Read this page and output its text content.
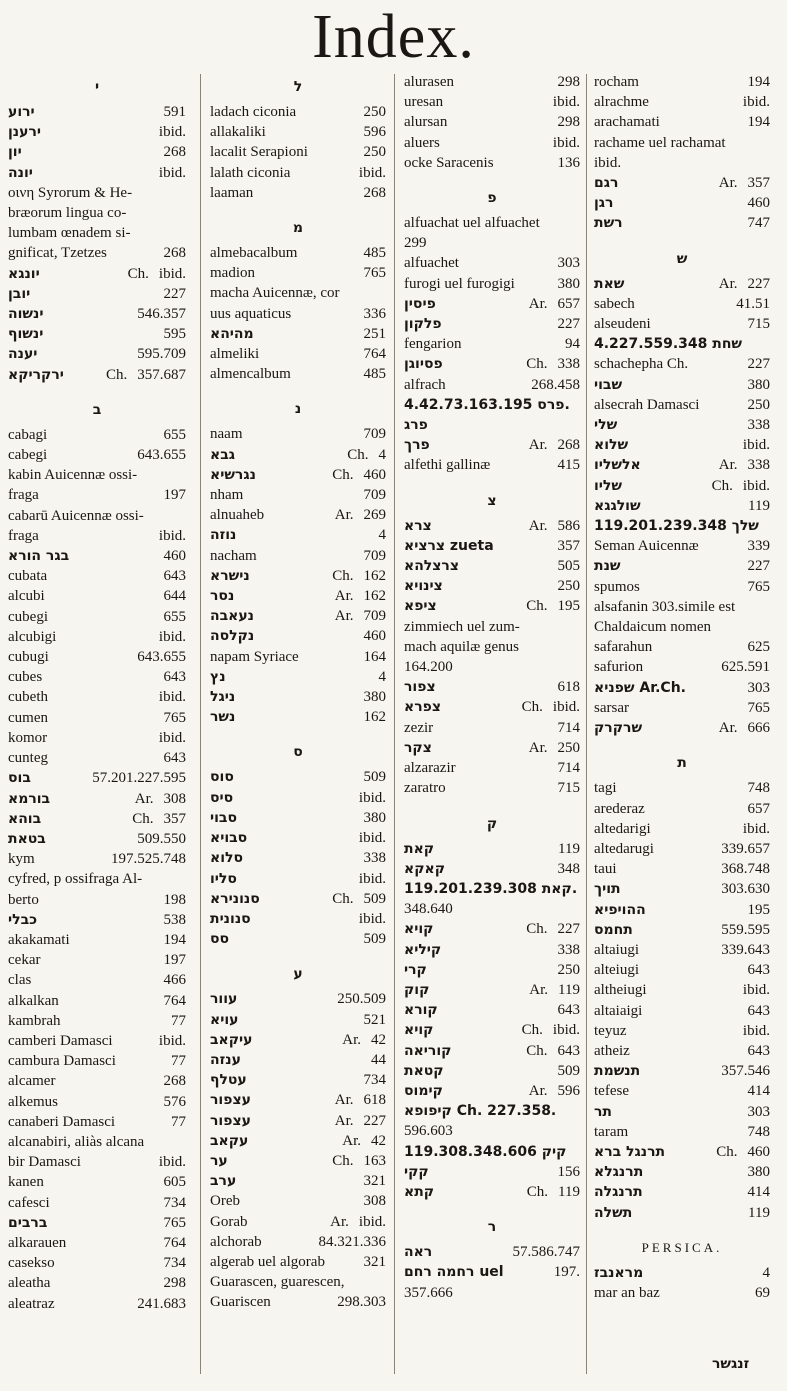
Index.
י
ירוע	591
ירענן	ibid.
יון	268
יונה	ibid.
οινη Syrorum & He-
bræorum lingua co-
lumbam œnadem si-
gnificat, Tzetzes	268
יונגא	Ch. ibid.
יובן	227
ינשוה	546.357
ינשוף	595
יענה	595.709
ירקריקא	Ch. 357.687
ב
cabagi	655
cabegi	643.655
kabin Auicennæ ossi-
fraga	197
cabarū Auicennæ ossi-
fraga	ibid.
בגר הורא	460
cubata	643
alcubi	644
cubegi	655
alcubigi	ibid.
cubugi	643.655
cubes	643
cubeth	ibid.
cumen	765
komor	ibid.
cunteg	643
בוס	57.201.227.595
בורמא	Ar. 308
בוהא	Ch. 357
בטאת	509.550
kym	197.525.748
cyfred, p ossifraga Al-
berto	198
כבלי	538
akakamati	194
cekar	197
clas	466
alkalkan	764
kambrah	77
camberi Damasci	ibid.
cambura Damasci	77
alcamer	268
alkemus	576
canaberi Damasci	77
alcanabiri, aliàs alcana
bir Damasci	ibid.
kanen	605
cafesci	734
ברבים	765
alkarauen	764
casekso	734
aleatha	298
aleatraz	241.683
ל
ladach ciconia	250
allakaliki	596
lacalit Serapioni	250
lalath ciconia	ibid.
laaman	268
מ
almebacalbum	485
madion	765
macha Auicennæ, cor
uus aquaticus	336
מהיהא	251
almeliki	764
almencalbum	485
נ
naam	709
גבא	Ch. 4
נגרשיא	Ch. 460
nham	709
alnuaheb	Ar. 269
נוזה	4
nacham	709
נישרא	Ch. 162
נסר	Ar. 162
נעאבה	Ar. 709
נקלסה	460
napam Syriace	164
נץ	4
ניגל	380
נשר	162
ס
סוס	509
סיס	ibid.
סבוי	380
סבויא	ibid.
סלוא	338
סליו	ibid.
סנונירא	Ch. 509
סנונית	ibid.
סס	509
ע
עוור	250.509
עויא	521
עיקאב	Ar. 42
ענזה	44
עטלף	734
עצפור	Ar. 618
עצפור	Ar. 227
עקאב	Ar. 42
ער	Ch. 163
ערב	321
Oreb	308
Gorab	Ar. ibid.
alchorab	84.321.336
algerab uel algorab	321
Guarascen, guarescen,
Guariscen	298.303
alurasen	298
uresan	ibid.
alursan	298
aluers	ibid.
ocke Saracenis	136
פ
alfuachat uel alfuachet
299
alfuachet	303
furogi uel furogigi	380
פיסין	Ar. 657
פלקון	227
fengarion	94
פסיוגן	Ch. 338
alfrach	268.458
פרס 4.42.73.163.195.
פרג
פרך	Ar. 268
alfethi gallinæ	415
צ
צרא	Ar. 586
צרציא zueta	357
צרצלהא	505
צינויא	250
ציפא	Ch. 195
zimmiech uel zum-
mach aquilæ genus
164.200
צפור	618
צפרא	Ch. ibid.
zezir	714
צקר	Ar. 250
alzarazir	714
zaratro	715
ק
קאת	119
קאקא	348
קאת 119.201.239.308.
348.640
קויא	Ch. 227
קיליא	338
קרי	250
קוק	Ar. 119
קורא	643
קויא	Ch. ibid.
קוריאה	Ch. 643
קטאת	509
קימוס	Ar. 596
קיפופא Ch. 227.358.
596.603
קיק 119.308.348.606
קקי	156
קתא	Ch. 119
ר
ראה	57.586.747
רחמה רחם uel	197.
357.666
rocham	194
alrachme	ibid.
arachamati	194
rachame uel rachamat
ibid.
רגם	Ar. 357
רגן	460
רשת	747
ש
שאת	Ar. 227
sabech	41.51
alseudeni	715
שחת 4.227.559.348
schachepha Ch.	227
שבוי	380
alsecrah Damasci	250
שלי	338
שלוא	ibid.
אלשליו	Ar. 338
שליו	Ch. ibid.
שולגגא	119
שלך 119.201.239.348
Seman Auicennæ	339
שנת	227
spumos	765
alsafanin 303.simile est
Chaldaicum nomen
safarahun	625
safurion	625.591
שפניא Ar.Ch.	303
sarsar	765
שרקרק	Ar. 666
ת
tagi	748
arederaz	657
altedarigi	ibid.
altedarugi	339.657
taui	368.748
תויך	303.630
ההויפיא	195
תחמס	559.595
altaiugi	339.643
alteiugi	643
altheiugi	ibid.
altaiaigi	643
teyuz	ibid.
atheiz	643
תנשמת	357.546
tefese	414
תר	303
taram	748
תרנגל ברא	Ch. 460
תרנגלא	380
תרנגלה	414
תשלה	119
PERSICA.
מראנבז	4
mar an baz	69
זנגשר
